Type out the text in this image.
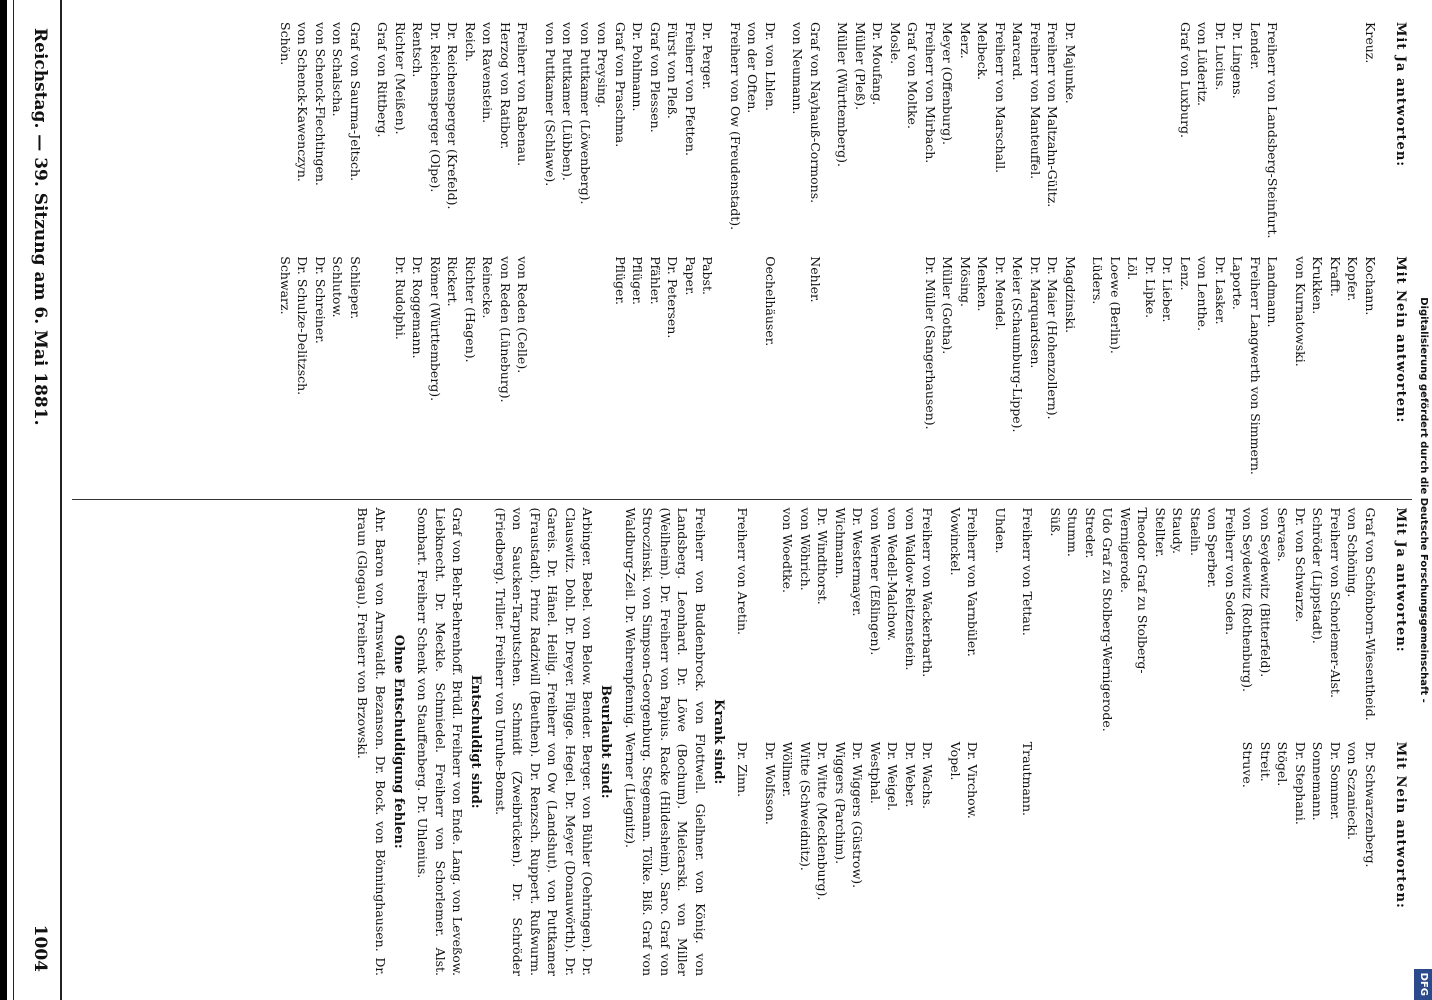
Digitalisierung gefördert durch die Deutsche Forschungsgemeinschaft -
DFG
Mit Ja antworten:
Mit Nein antworten:
Graf von Schönborn-Wiesentheid.
von Schöning.
Freiherr von Schorlemer-Alst.
Schröder (Lippstadt).
Dr. von Schwarze.
Servaes.
von Seydewitz (Bitterfeld).
von Seydewitz (Rothenburg).
Freiherr von Soden.
von Sperber.
Staelin.
Staudy.
Stellter.
Theodor Graf zu Stolberg-Wernigerode.
Udo Graf zu Stolberg-Wernigerode.
Streder.
Stumm.
Süß.
Dr. Schwarzenberg.
von Sczaniecki.
Dr. Sommer.
Sonnemann.
Dr. Stephani.
Stögel.
Streit.
Struve.
Freiherr von Tettau.
Trautmann.
Uhden.
Freiherr von Varnbüler.
Vowinckel.
Dr. Virchow.
Vopel.
Freiherr von Wackerbarth.
von Waldow-Reitzenstein.
von Wedell-Malchow.
von Werner (Eßlingen).
Dr. Westermayer.
Wichmann.
Dr. Windthorst.
von Wöhrich.
von Woedtke.
Dr. Wachs.
Dr. Weber.
Dr. Weigel.
Westphal.
Dr. Wiggers (Güstrow).
Wiggers (Parchim).
Dr. Witte (Mecklenburg).
Witte (Schweidnitz).
Wöllmer.
Dr. Wolfsson.
Freiherr von Aretin.
Dr. Zinn.
Krank sind:
Freiherr von Buddenbrock. von Flottwell. Gielhner. von König. von Landsberg. Leonhard. Dr. Löwe (Bochum). Mielcarski. von Miller (Weilheim). Dr. Freiherr von Papius. Racke (Hildesheim). Saro. Graf von Stroczinski. von Simpson-Georgenburg. Stegemann. Tölke. Biß. Graf von Waldburg-Zeil. Dr. Wehrenpfennig. Werner (Liegnitz).
Beurlaubt sind:
Arbinger. Bebel. von Below. Bender. Berger. von Bühler (Oehringen). Dr. Clauswitz. Dohl. Dr. Dreyer. Flügge. Hegel. Dr. Meyer (Donauwörth). Dr. Gareis. Dr. Hänel. Heilig. Freiherr von Ow (Landshut). von Puttkamer (Fraustadt). Prinz Radziwill (Beuthen). Dr. Renzsch. Ruppert. Rußwurm. von Saucken-Tarputschen. Schmidt (Zweibrücken). Dr. Schröder (Friedberg). Triller. Freiherr von Unruhe-Bomst.
Entschuldigt sind:
Graf von Behr-Behrenhoff. Brüdl. Freiherr von Ende. Lang. von Leveßow. Liebknecht. Dr. Meckle. Schmiedel. Freiherr von Schorlemer. Alst. Sombart. Freiherr Schenk von Stauffenberg. Dr. Uhlenius.
Ohne Entschuldigung fehlen:
Ahr. Baron von Arnswaldt. Bezanson. Dr. Bock. von Bönninghausen. Dr. Braun (Glogau). Freiherr von Brzowski.
Mit Ja antworten:
Mit Nein antworten:
Kreuz.
Kochann.
Kopfer.
Krafft.
Krukken.
von Kurnatowski.
Freiherr von Landsberg-Steinfurt.
Lender.
Dr. Lingens.
Dr. Lucius.
von Lüderitz.
Graf von Luxburg.
Landmann.
Freiherr Langwerth von Simmern.
Laporte.
Dr. Lasker.
von Lenthe.
Lenz.
Dr. Lieber.
Dr. Lipke.
Löl.
Loewe (Berlin).
Lüders.
Dr. Majunke.
Freiherr von Maltzahn-Gültz.
Freiherr von Manteuffel.
Marcard.
Freiherr von Marschall.
Melbeck.
Merz.
Meyer (Offenburg).
Freiherr von Mirbach.
Graf von Moltke.
Mosle.
Dr. Moufang.
Müller (Pleß).
Müller (Württemberg).
Magdzinski.
Dr. Maier (Hohenzollern).
Dr. Marquardsen.
Meier (Schaumburg-Lippe).
Dr. Mendel.
Menken.
Mösing.
Müller (Gotha).
Dr. Müller (Sangerhausen).
Graf von Nayhauß-Cormons.
von Neumann.
Nehler.
Dr. von Lhlen.
von der Often.
Freiherr von Ow (Freudenstadt).
Oechelhäuser.
Dr. Perger.
Freiherr von Pfetten.
Fürst von Pleß.
Graf von Plessen.
Dr. Pohlmann.
Graf von Praschma.
von Preysing.
von Puttkamer (Löwenberg).
von Puttkamer (Lübben).
von Puttkamer (Schlawe).
Pabst.
Paper.
Dr. Petersen.
Pfähler.
Pflüger.
Pflüger.
Freiherr von Rabenau.
Herzog von Ratibor.
von Ravenstein.
Reich.
Dr. Reichensperger (Krefeld).
Dr. Reichensperger (Olpe).
Rentsch.
Richter (Meißen).
Graf von Rittberg.
von Reden (Celle).
von Reden (Lüneburg).
Reinecke.
Richter (Hagen).
Rickert.
Römer (Württemberg).
Dr. Roggemann.
Dr. Rudolphi.
Graf von Saurma-Jeltsch.
von Schalscha.
von Schenck-Flechtingen.
von Schenck-Kawenczyn.
Schön.
Schlieper.
Schlutow.
Dr. Schreiner.
Dr. Schulze-Delitzsch.
Schwarz.
1004
Reichstag. — 39. Sitzung am 6. Mai 1881.
